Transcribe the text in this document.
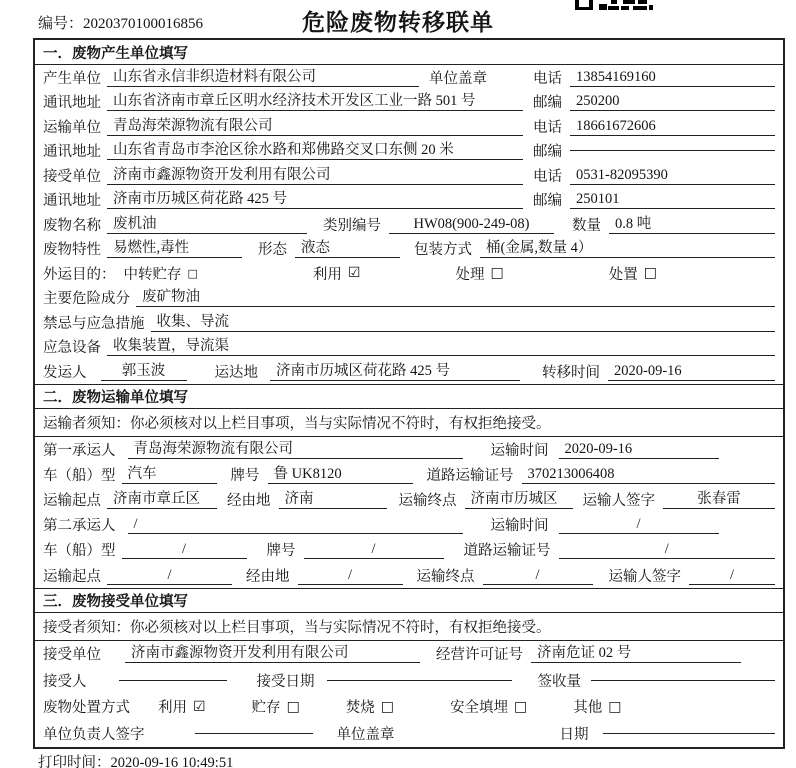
编号：2020370100016856	危险废物转移联单
一．废物产生单位填写
产生单位 山东省永信非织造材料有限公司	单位盖章	电话 13854169160
通讯地址 山东省济南市章丘区明水经济技术开发区工业一路 501 号	邮编 250200
运输单位 青岛海荣源物流有限公司	电话 18661672606
通讯地址 山东省青岛市李沧区徐水路和郑佛路交叉口东侧 20 米	邮编
接受单位 济南市鑫源物资开发利用有限公司	电话 0531-82095390
通讯地址 济南市历城区荷花路 425 号	邮编 250101
废物名称 废机油	类别编号	HW08(900-249-08)	数量 0.8 吨
废物特性 易燃性,毒性	形态 液态	包装方式 桶(金属,数量 4）
外运目的： 中转贮存 □	利用 ☑	处理 □	处置 □
主要危险成分 废矿物油
禁忌与应急措施 收集、导流
应急设备 收集装置，导流渠
发运人	郭玉波	运达地	济南市历城区荷花路 425 号	转移时间 2020-09-16
二．废物运输单位填写
运输者须知：你必须核对以上栏目事项，当与实际情况不符时，有权拒绝接受。
第一承运人	青岛海荣源物流有限公司	运输时间	2020-09-16
车（船）型 汽车	牌号 鲁 UK8120	道路运输证号 370213006408
运输起点 济南市章丘区	经由地 济南	运输终点 济南市历城区	运输人签字	张春雷
第二承运人	/	运输时间	/
车（船）型	/	牌号	/	道路运输证号	/
运输起点	/	经由地	/	运输终点	/	运输人签字	/
三．废物接受单位填写
接受者须知：你必须核对以上栏目事项，当与实际情况不符时，有权拒绝接受。
接受单位	济南市鑫源物资开发利用有限公司	经营许可证号 济南危证 02 号
接受人	接受日期	签收量
废物处置方式 利用 ☑	贮存 □	焚烧 □	安全填埋 □	其他 □
单位负责人签字	单位盖章	日期
打印时间：2020-09-16 10:49:51
